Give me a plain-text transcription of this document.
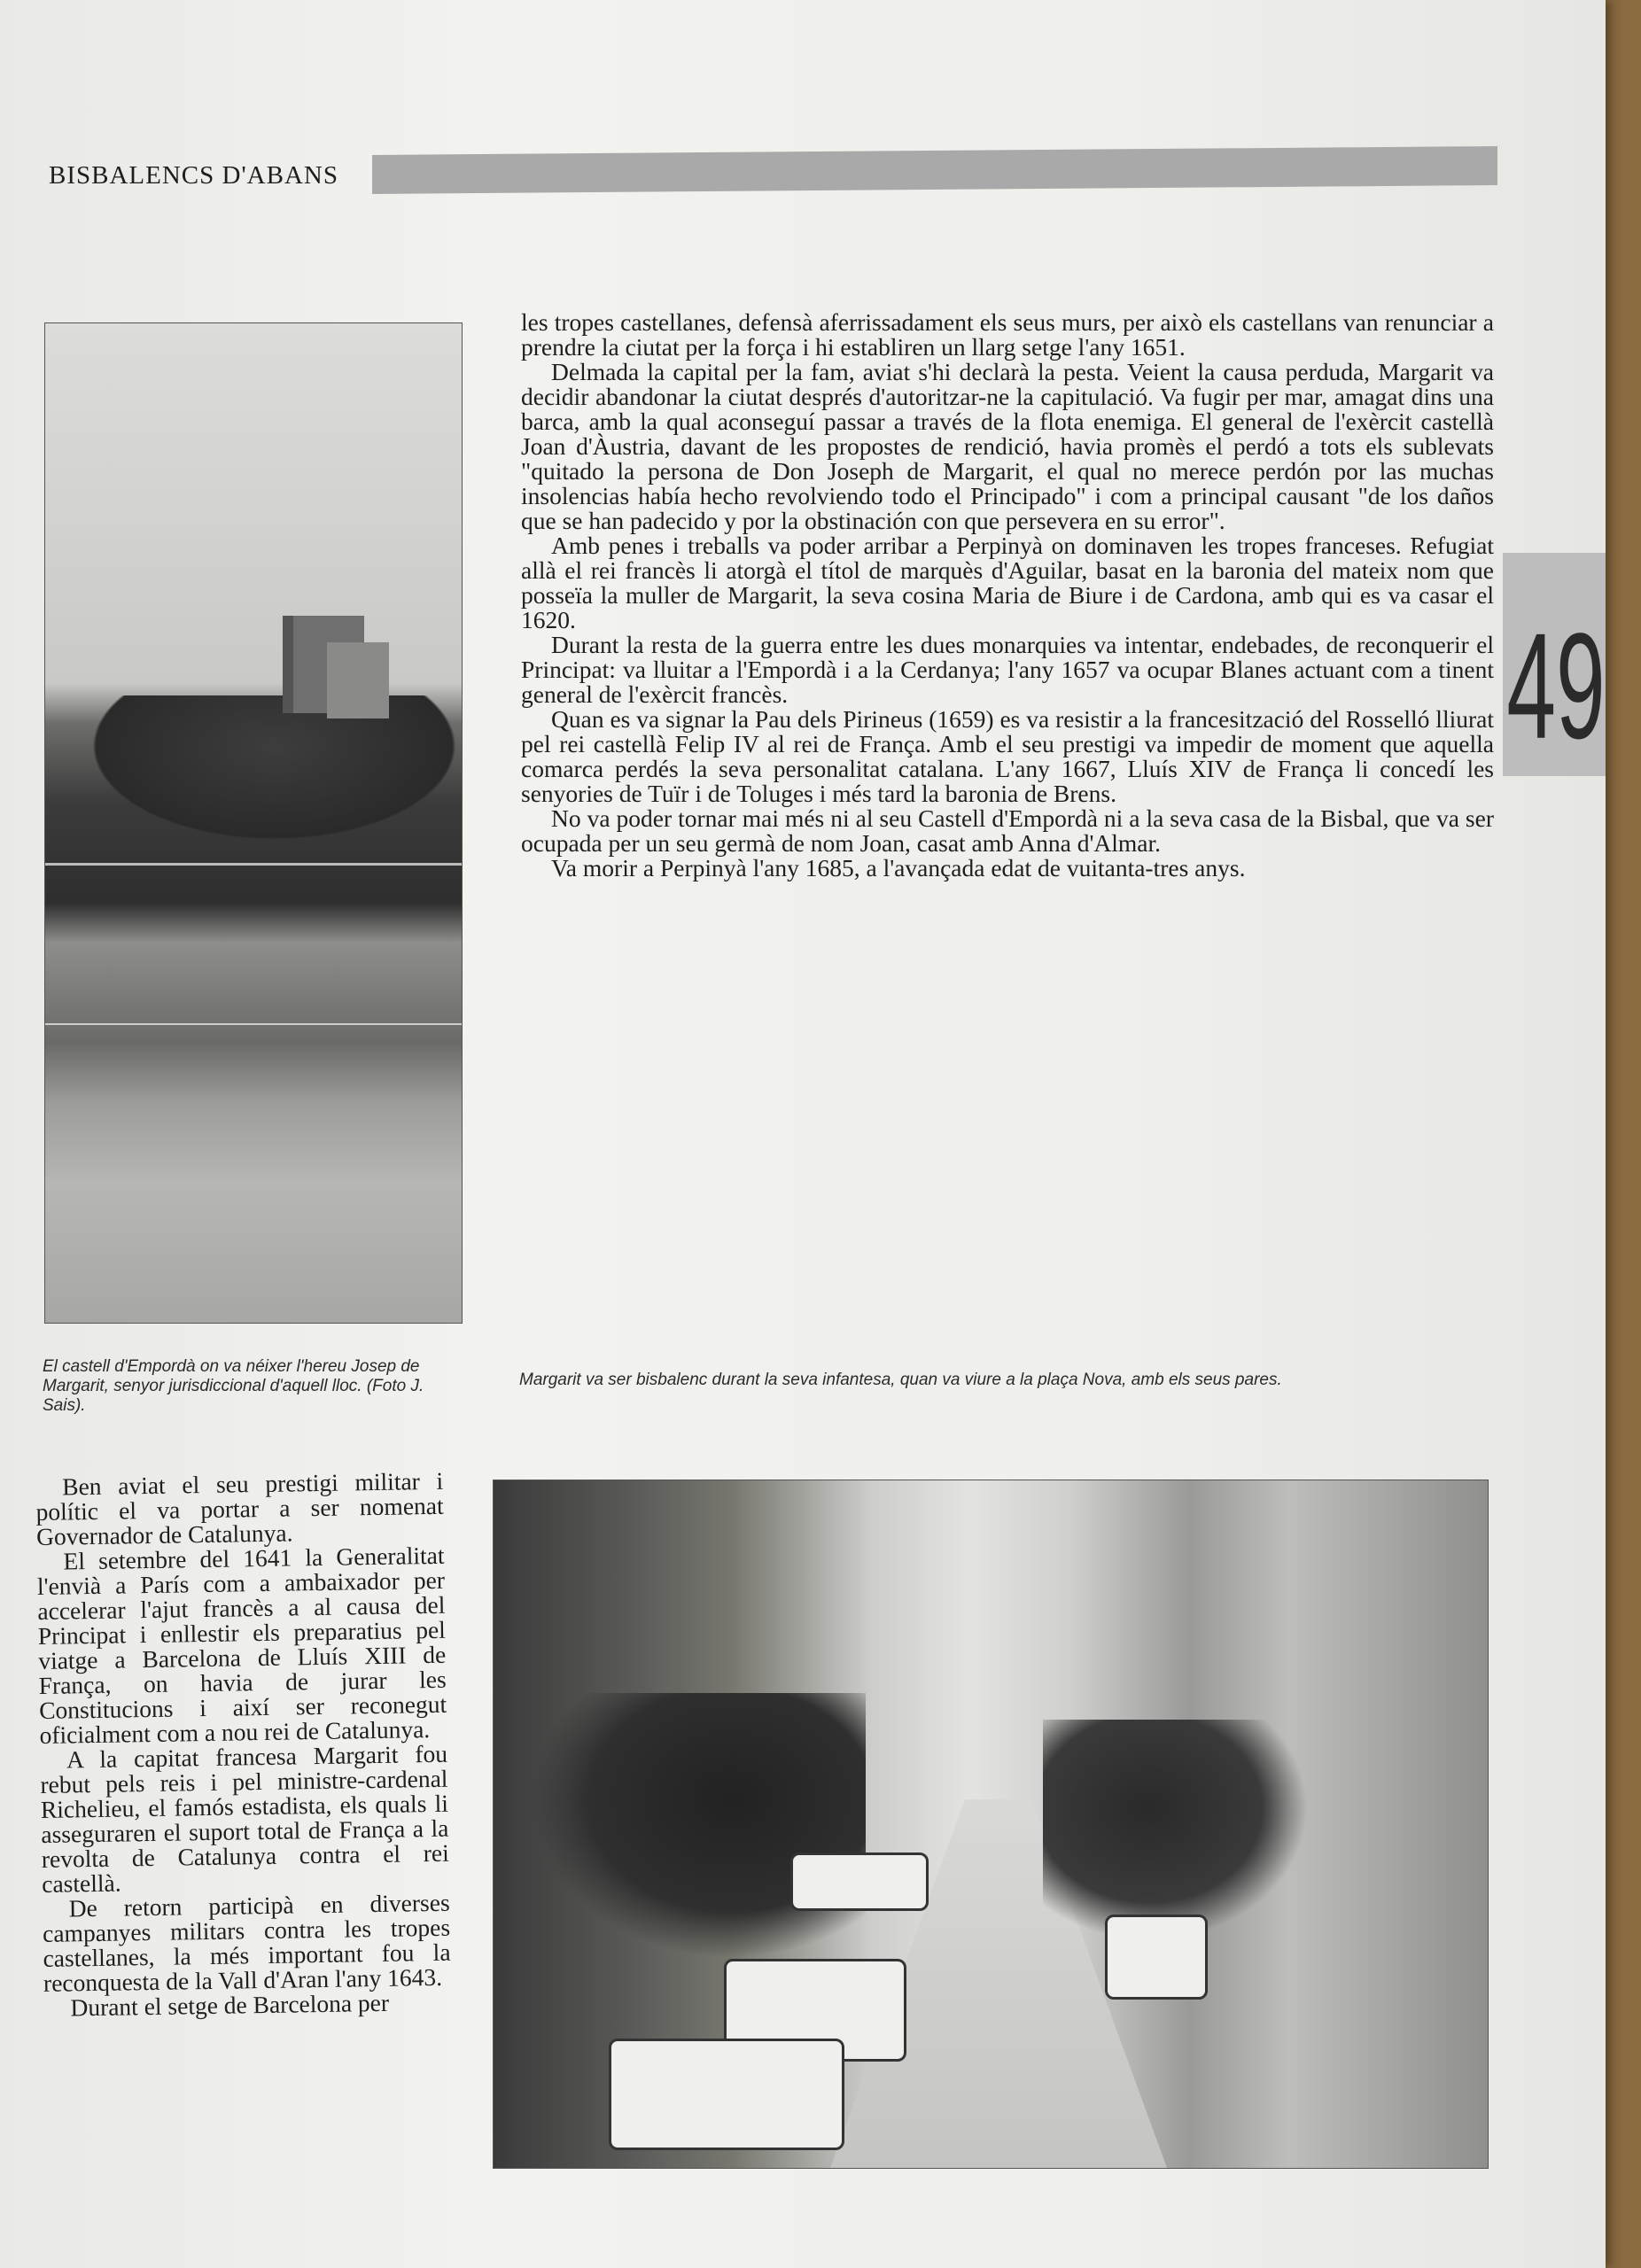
BISBALENCS D'ABANS
49

les tropes castellanes, defensà aferrissadament els seus murs, per això els castellans van renunciar a prendre la ciutat per la força i hi establiren un llarg setge l'any 1651.

Delmada la capital per la fam, aviat s'hi declarà la pesta. Veient la causa perduda, Margarit va decidir abandonar la ciutat després d'autoritzar-ne la capitulació. Va fugir per mar, amagat dins una barca, amb la qual aconseguí passar a través de la flota enemiga. El general de l'exèrcit castellà Joan d'Àustria, davant de les propostes de rendició, havia promès el perdó a tots els sublevats "quitado la persona de Don Joseph de Margarit, el qual no merece perdón por las muchas insolencias había hecho revolviendo todo el Principado" i com a principal causant "de los daños que se han padecido y por la obstinación con que persevera en su error".

Amb penes i treballs va poder arribar a Perpinyà on dominaven les tropes franceses. Refugiat allà el rei francès li atorgà el títol de marquès d'Aguilar, basat en la baronia del mateix nom que posseïa la muller de Margarit, la seva cosina Maria de Biure i de Cardona, amb qui es va casar el 1620.

Durant la resta de la guerra entre les dues monarquies va intentar, endebades, de reconquerir el Principat: va lluitar a l'Empordà i a la Cerdanya; l'any 1657 va ocupar Blanes actuant com a tinent general de l'exèrcit francès.

Quan es va signar la Pau dels Pirineus (1659) es va resistir a la francesització del Rosselló lliurat pel rei castellà Felip IV al rei de França. Amb el seu prestigi va impedir de moment que aquella comarca perdés la seva personalitat catalana. L'any 1667, Lluís XIV de França li concedí les senyories de Tuïr i de Toluges i més tard la baronia de Brens.

No va poder tornar mai més ni al seu Castell d'Empordà ni a la seva casa de la Bisbal, que va ser ocupada per un seu germà de nom Joan, casat amb Anna d'Almar.

Va morir a Perpinyà l'any 1685, a l'avançada edat de vuitanta-tres anys.

El castell d'Empordà on va néixer l'hereu Josep de Margarit, senyor jurisdiccional d'aquell lloc. (Foto J. Sais).
Margarit va ser bisbalenc durant la seva infantesa, quan va viure a la plaça Nova, amb els seus pares.

Ben aviat el seu prestigi militar i polític el va portar a ser nomenat Governador de Catalunya.

El setembre del 1641 la Generalitat l'envià a París com a ambaixador per accelerar l'ajut francès a al causa del Principat i enllestir els preparatius pel viatge a Barcelona de Lluís XIII de França, on havia de jurar les Constitucions i així ser reconegut oficialment com a nou rei de Catalunya.

A la capitat francesa Margarit fou rebut pels reis i pel ministre-cardenal Richelieu, el famós estadista, els quals li asseguraren el suport total de França a la revolta de Catalunya contra el rei castellà.

De retorn participà en diverses campanyes militars contra les tropes castellanes, la més important fou la reconquesta de la Vall d'Aran l'any 1643.

Durant el setge de Barcelona per
